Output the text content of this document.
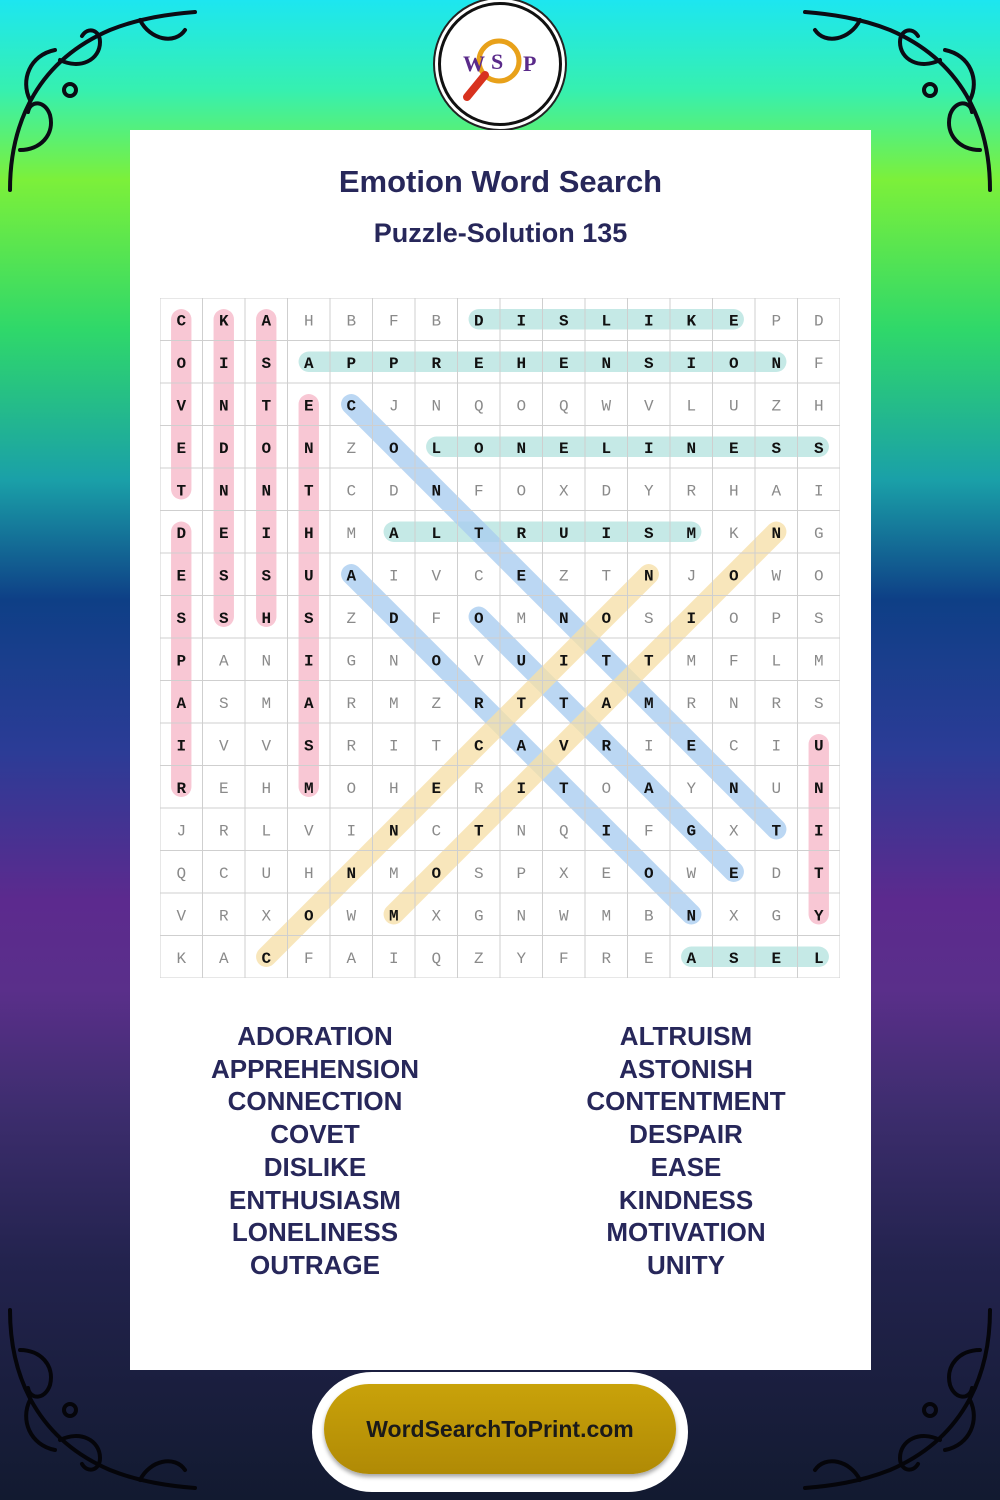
W S P
Emotion Word Search
Puzzle-Solution 135
C K A H B F B D I S L I K E P D
O I S A P P R E H E N S I O N F
V N T E C J N Q O Q W V L U Z H
E D O N Z O L O N E L I N E S S
T N N T C D N F O X D Y R H A I
D E I H M A L T R U I S M K N G
E S S U A I V C E Z T N J O W O
S S H S Z D F O M N O S I O P S
P A N I G N O V U I T T M F L M
A S M A R M Z R T T A M R N R S
I V V S R I T C A V R I E C I U
R E H M O H E R I T O A Y N U N
J R L V I N C T N Q I F G X T I
Q C U H N M O S P X E O W E D T
V R X O W M X G N W M B N X G Y
K A C F A I Q Z Y F R E A S E L
ADORATION
APPREHENSION
CONNECTION
COVET
DISLIKE
ENTHUSIASM
LONELINESS
OUTRAGE
ALTRUISM
ASTONISH
CONTENTMENT
DESPAIR
EASE
KINDNESS
MOTIVATION
UNITY
WordSearchToPrint.com
